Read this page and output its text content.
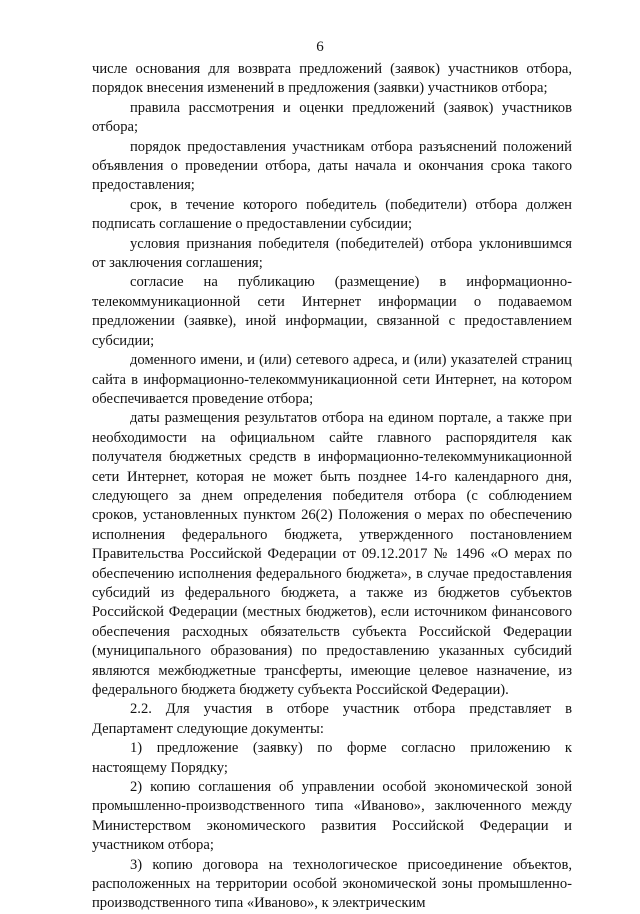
6

числе основания для возврата предложений (заявок) участников отбора, порядок внесения изменений в предложения (заявки) участников отбора;

правила рассмотрения и оценки предложений (заявок) участников отбора;

порядок предоставления участникам отбора разъяснений положений объявления о проведении отбора, даты начала и окончания срока такого предоставления;

срок, в течение которого победитель (победители) отбора должен подписать соглашение о предоставлении субсидии;

условия признания победителя (победителей) отбора уклонившимся от заключения соглашения;

согласие на публикацию (размещение) в информационно-телекоммуникационной сети Интернет информации о подаваемом предложении (заявке), иной информации, связанной с предоставлением субсидии;

доменного имени, и (или) сетевого адреса, и (или) указателей страниц сайта в информационно-телекоммуникационной сети Интернет, на котором обеспечивается проведение отбора;

даты размещения результатов отбора на едином портале, а также при необходимости на официальном сайте главного распорядителя как получателя бюджетных средств в информационно-телекоммуникационной сети Интернет, которая не может быть позднее 14-го календарного дня, следующего за днем определения победителя отбора (с соблюдением сроков, установленных пунктом 26(2) Положения о мерах по обеспечению исполнения федерального бюджета, утвержденного постановлением Правительства Российской Федерации от 09.12.2017 № 1496 «О мерах по обеспечению исполнения федерального бюджета», в случае предоставления субсидий из федерального бюджета, а также из бюджетов субъектов Российской Федерации (местных бюджетов), если источником финансового обеспечения расходных обязательств субъекта Российской Федерации (муниципального образования) по предоставлению указанных субсидий являются межбюджетные трансферты, имеющие целевое назначение, из федерального бюджета бюджету субъекта Российской Федерации).

2.2. Для участия в отборе участник отбора представляет в Департамент следующие документы:

1) предложение (заявку) по форме согласно приложению к настоящему Порядку;

2) копию соглашения об управлении особой экономической зоной промышленно-производственного типа «Иваново», заключенного между Министерством экономического развития Российской Федерации и участником отбора;

3) копию договора на технологическое присоединение объектов, расположенных на территории особой экономической зоны промышленно-производственного типа «Иваново», к электрическим
